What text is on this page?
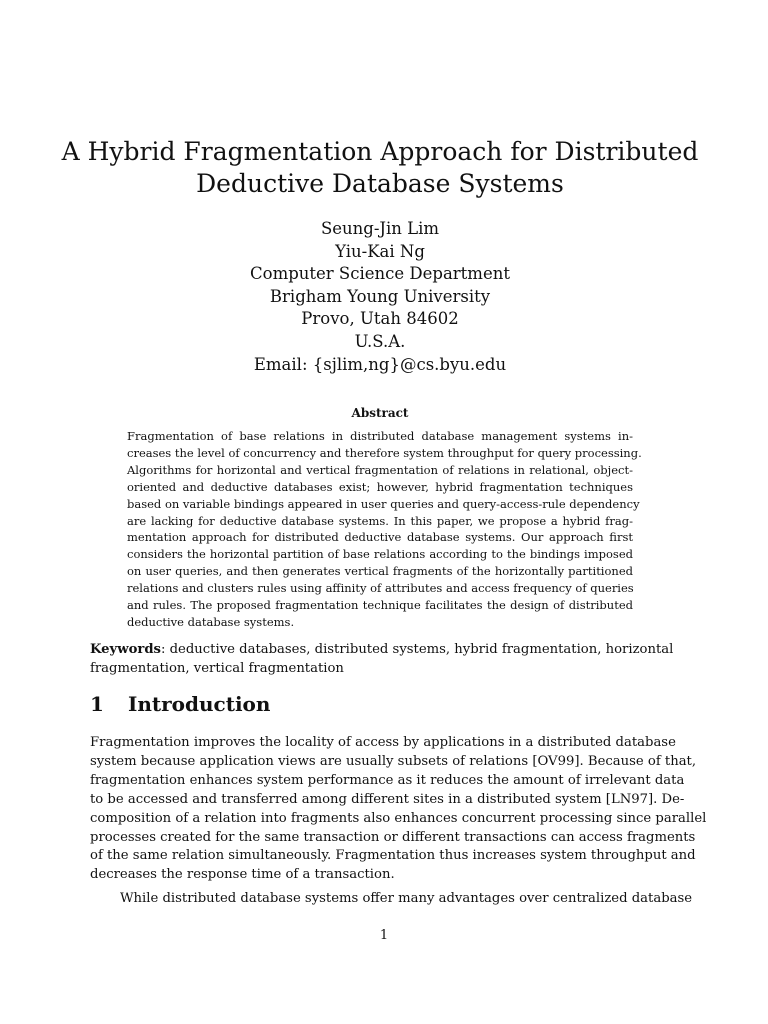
A Hybrid Fragmentation Approach for Distributed
Deductive Database Systems
Seung-Jin Lim
Yiu-Kai Ng
Computer Science Department
Brigham Young University
Provo, Utah 84602
U.S.A.
Email: {sjlim,ng}@cs.byu.edu
Abstract
Fragmentation of base relations in distributed database management systems in-
creases the level of concurrency and therefore system throughput for query processing.
Algorithms for horizontal and vertical fragmentation of relations in relational, object-
oriented and deductive databases exist; however, hybrid fragmentation techniques
based on variable bindings appeared in user queries and query-access-rule dependency
are lacking for deductive database systems. In this paper, we propose a hybrid frag-
mentation approach for distributed deductive database systems. Our approach first
considers the horizontal partition of base relations according to the bindings imposed
on user queries, and then generates vertical fragments of the horizontally partitioned
relations and clusters rules using affinity of attributes and access frequency of queries
and rules. The proposed fragmentation technique facilitates the design of distributed
deductive database systems.
Keywords: deductive databases, distributed systems, hybrid fragmentation, horizontal
fragmentation, vertical fragmentation
1 Introduction
Fragmentation improves the locality of access by applications in a distributed database
system because application views are usually subsets of relations [OV99]. Because of that,
fragmentation enhances system performance as it reduces the amount of irrelevant data
to be accessed and transferred among different sites in a distributed system [LN97]. De-
composition of a relation into fragments also enhances concurrent processing since parallel
processes created for the same transaction or different transactions can access fragments
of the same relation simultaneously. Fragmentation thus increases system throughput and
decreases the response time of a transaction.
While distributed database systems offer many advantages over centralized database
1
